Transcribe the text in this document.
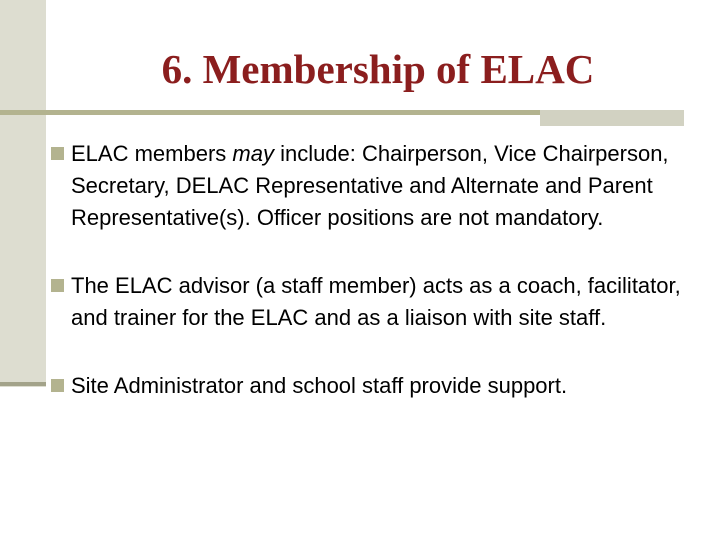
6. Membership of ELAC
ELAC members may include: Chairperson, Vice Chairperson, Secretary, DELAC Representative and Alternate and Parent Representative(s). Officer positions are not mandatory.
The ELAC advisor (a staff member) acts as a coach, facilitator, and trainer for the ELAC and as a liaison with site staff.
Site Administrator and school staff provide support.
